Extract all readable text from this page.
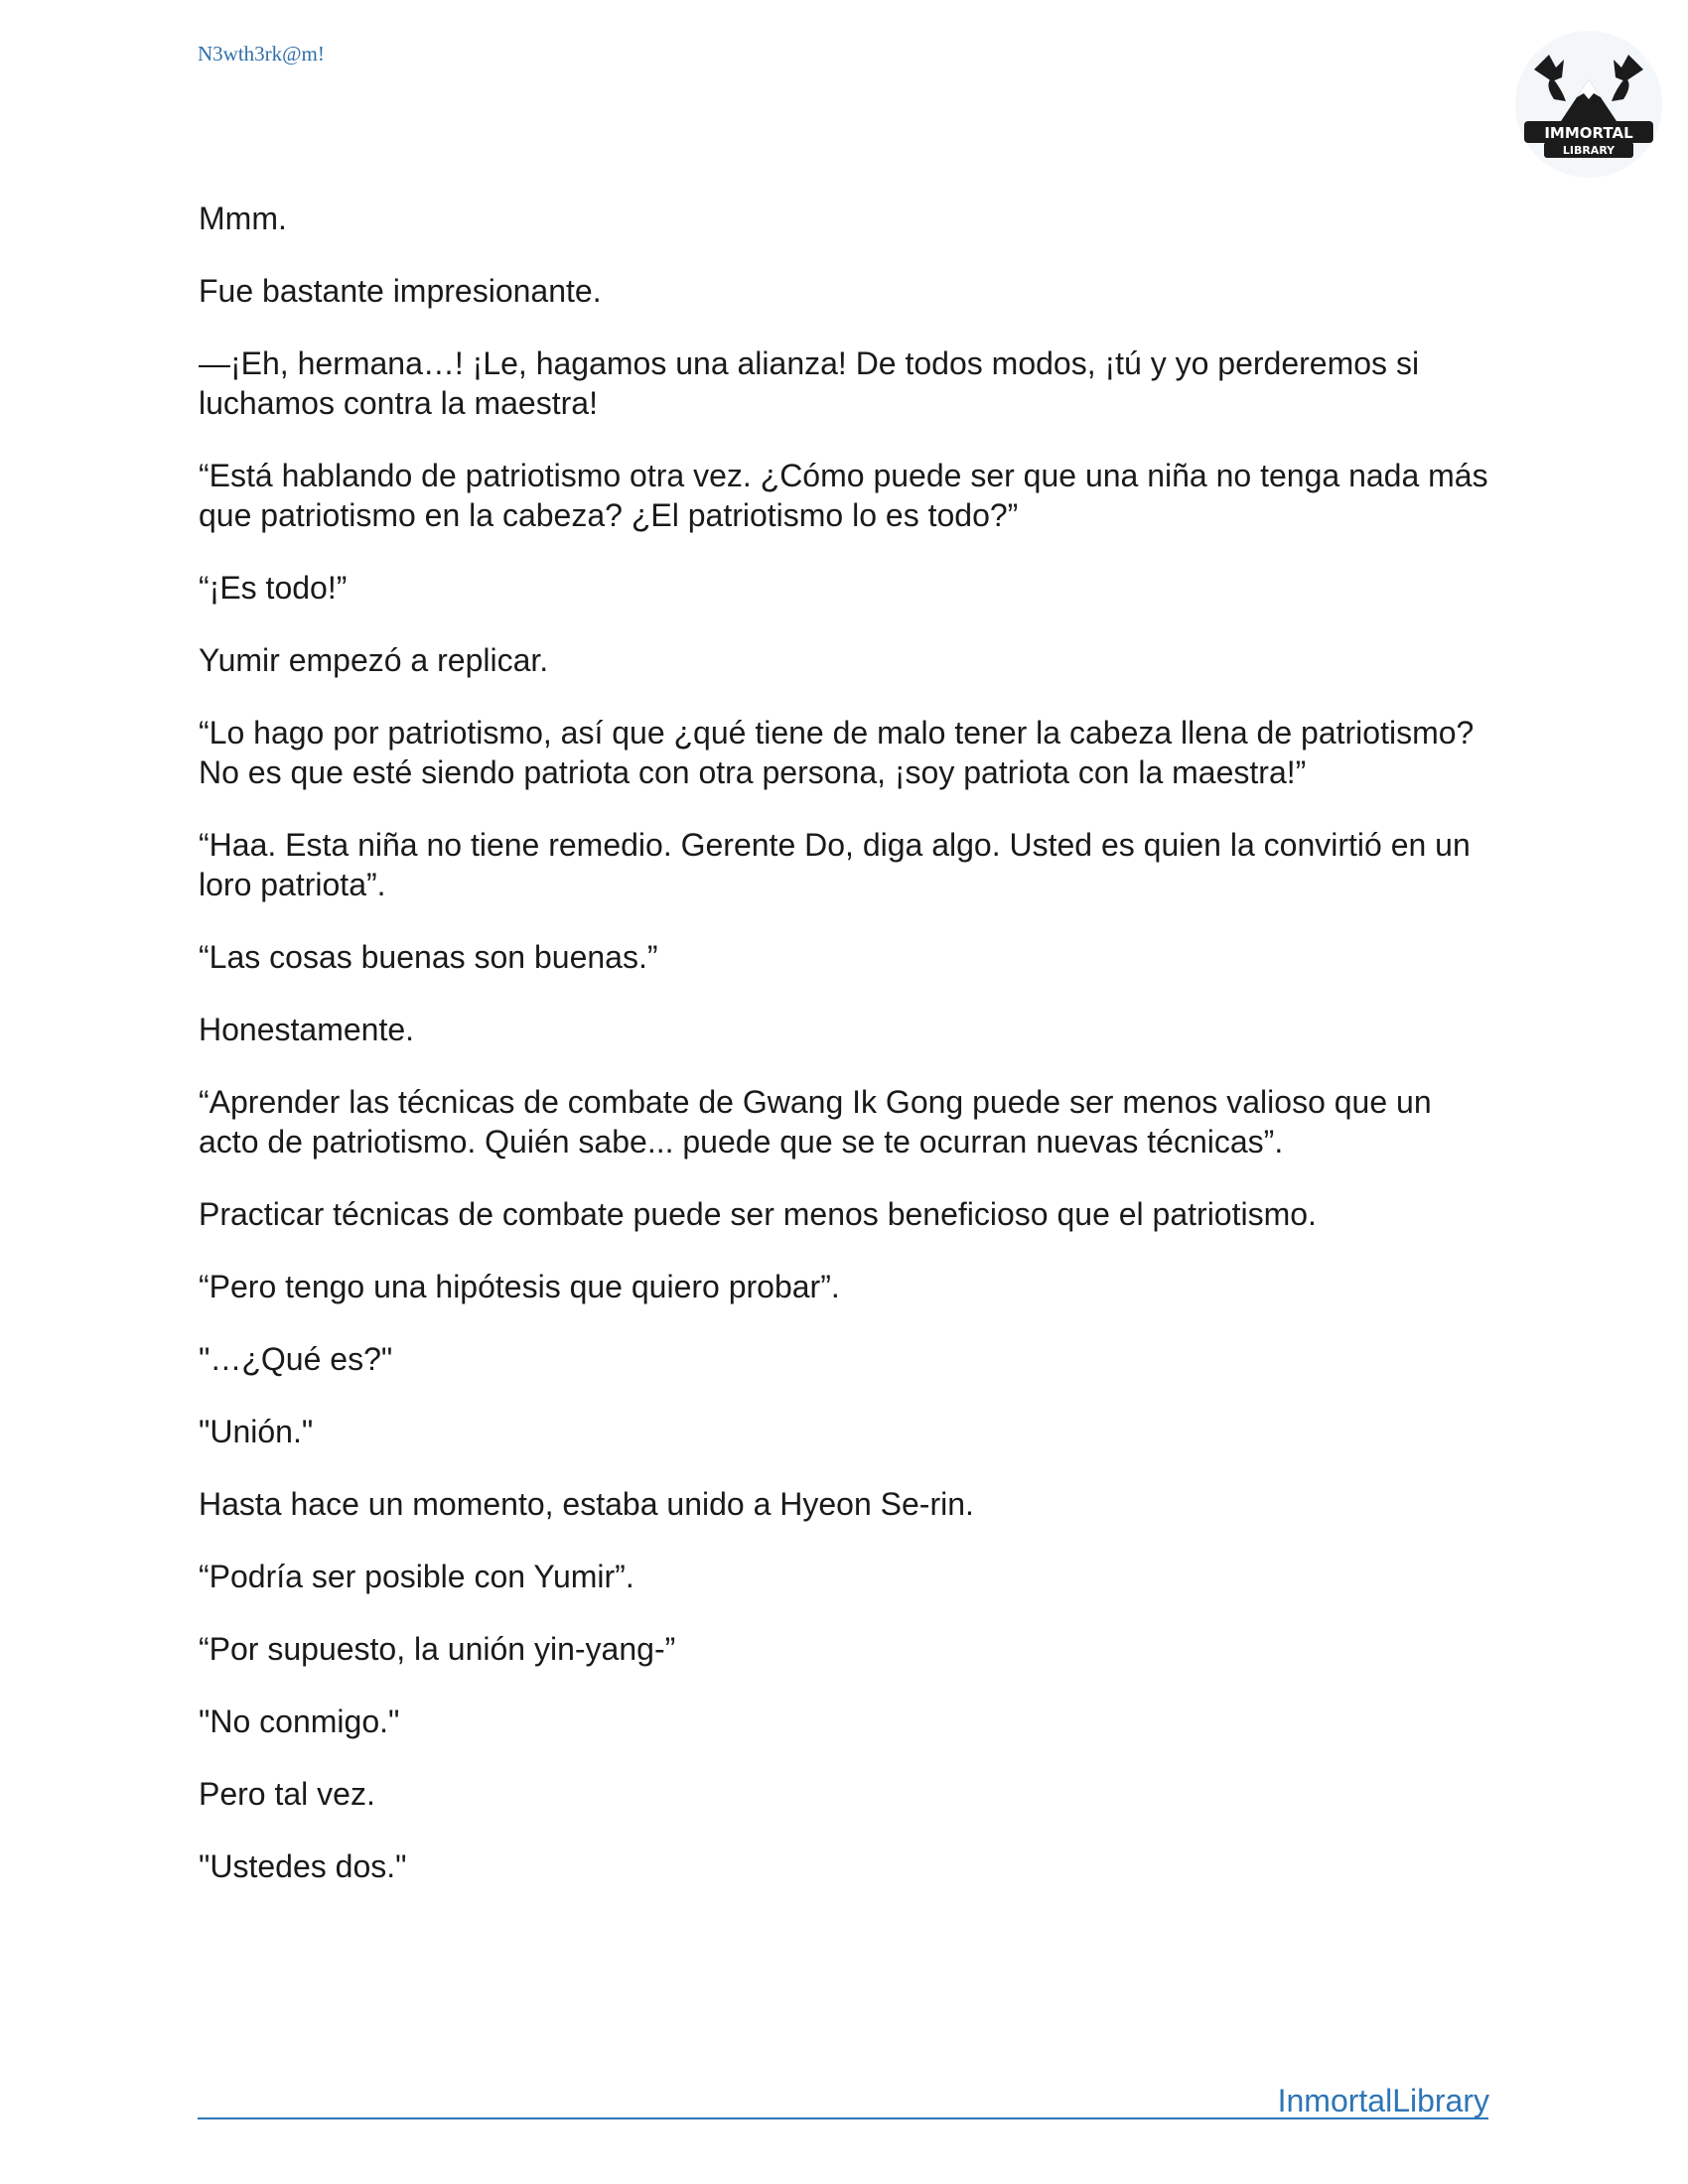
N3wth3rk@m!
IMMORTAL
LIBRARY

Mmm.

Fue bastante impresionante.

—¡Eh, hermana…! ¡Le, hagamos una alianza! De todos modos, ¡tú y yo perderemos si luchamos contra la maestra!

“Está hablando de patriotismo otra vez. ¿Cómo puede ser que una niña no tenga nada más que patriotismo en la cabeza? ¿El patriotismo lo es todo?”

“¡Es todo!”

Yumir empezó a replicar.

“Lo hago por patriotismo, así que ¿qué tiene de malo tener la cabeza llena de patriotismo? No es que esté siendo patriota con otra persona, ¡soy patriota con la maestra!”

“Haa. Esta niña no tiene remedio. Gerente Do, diga algo. Usted es quien la convirtió en un loro patriota”.

“Las cosas buenas son buenas.”

Honestamente.

“Aprender las técnicas de combate de Gwang Ik Gong puede ser menos valioso que un acto de patriotismo. Quién sabe... puede que se te ocurran nuevas técnicas”.

Practicar técnicas de combate puede ser menos beneficioso que el patriotismo.

“Pero tengo una hipótesis que quiero probar”.

"…¿Qué es?"

"Unión."

Hasta hace un momento, estaba unido a Hyeon Se-rin.

“Podría ser posible con Yumir”.

“Por supuesto, la unión yin-yang-”

"No conmigo."

Pero tal vez.

"Ustedes dos."

InmortalLibrary
